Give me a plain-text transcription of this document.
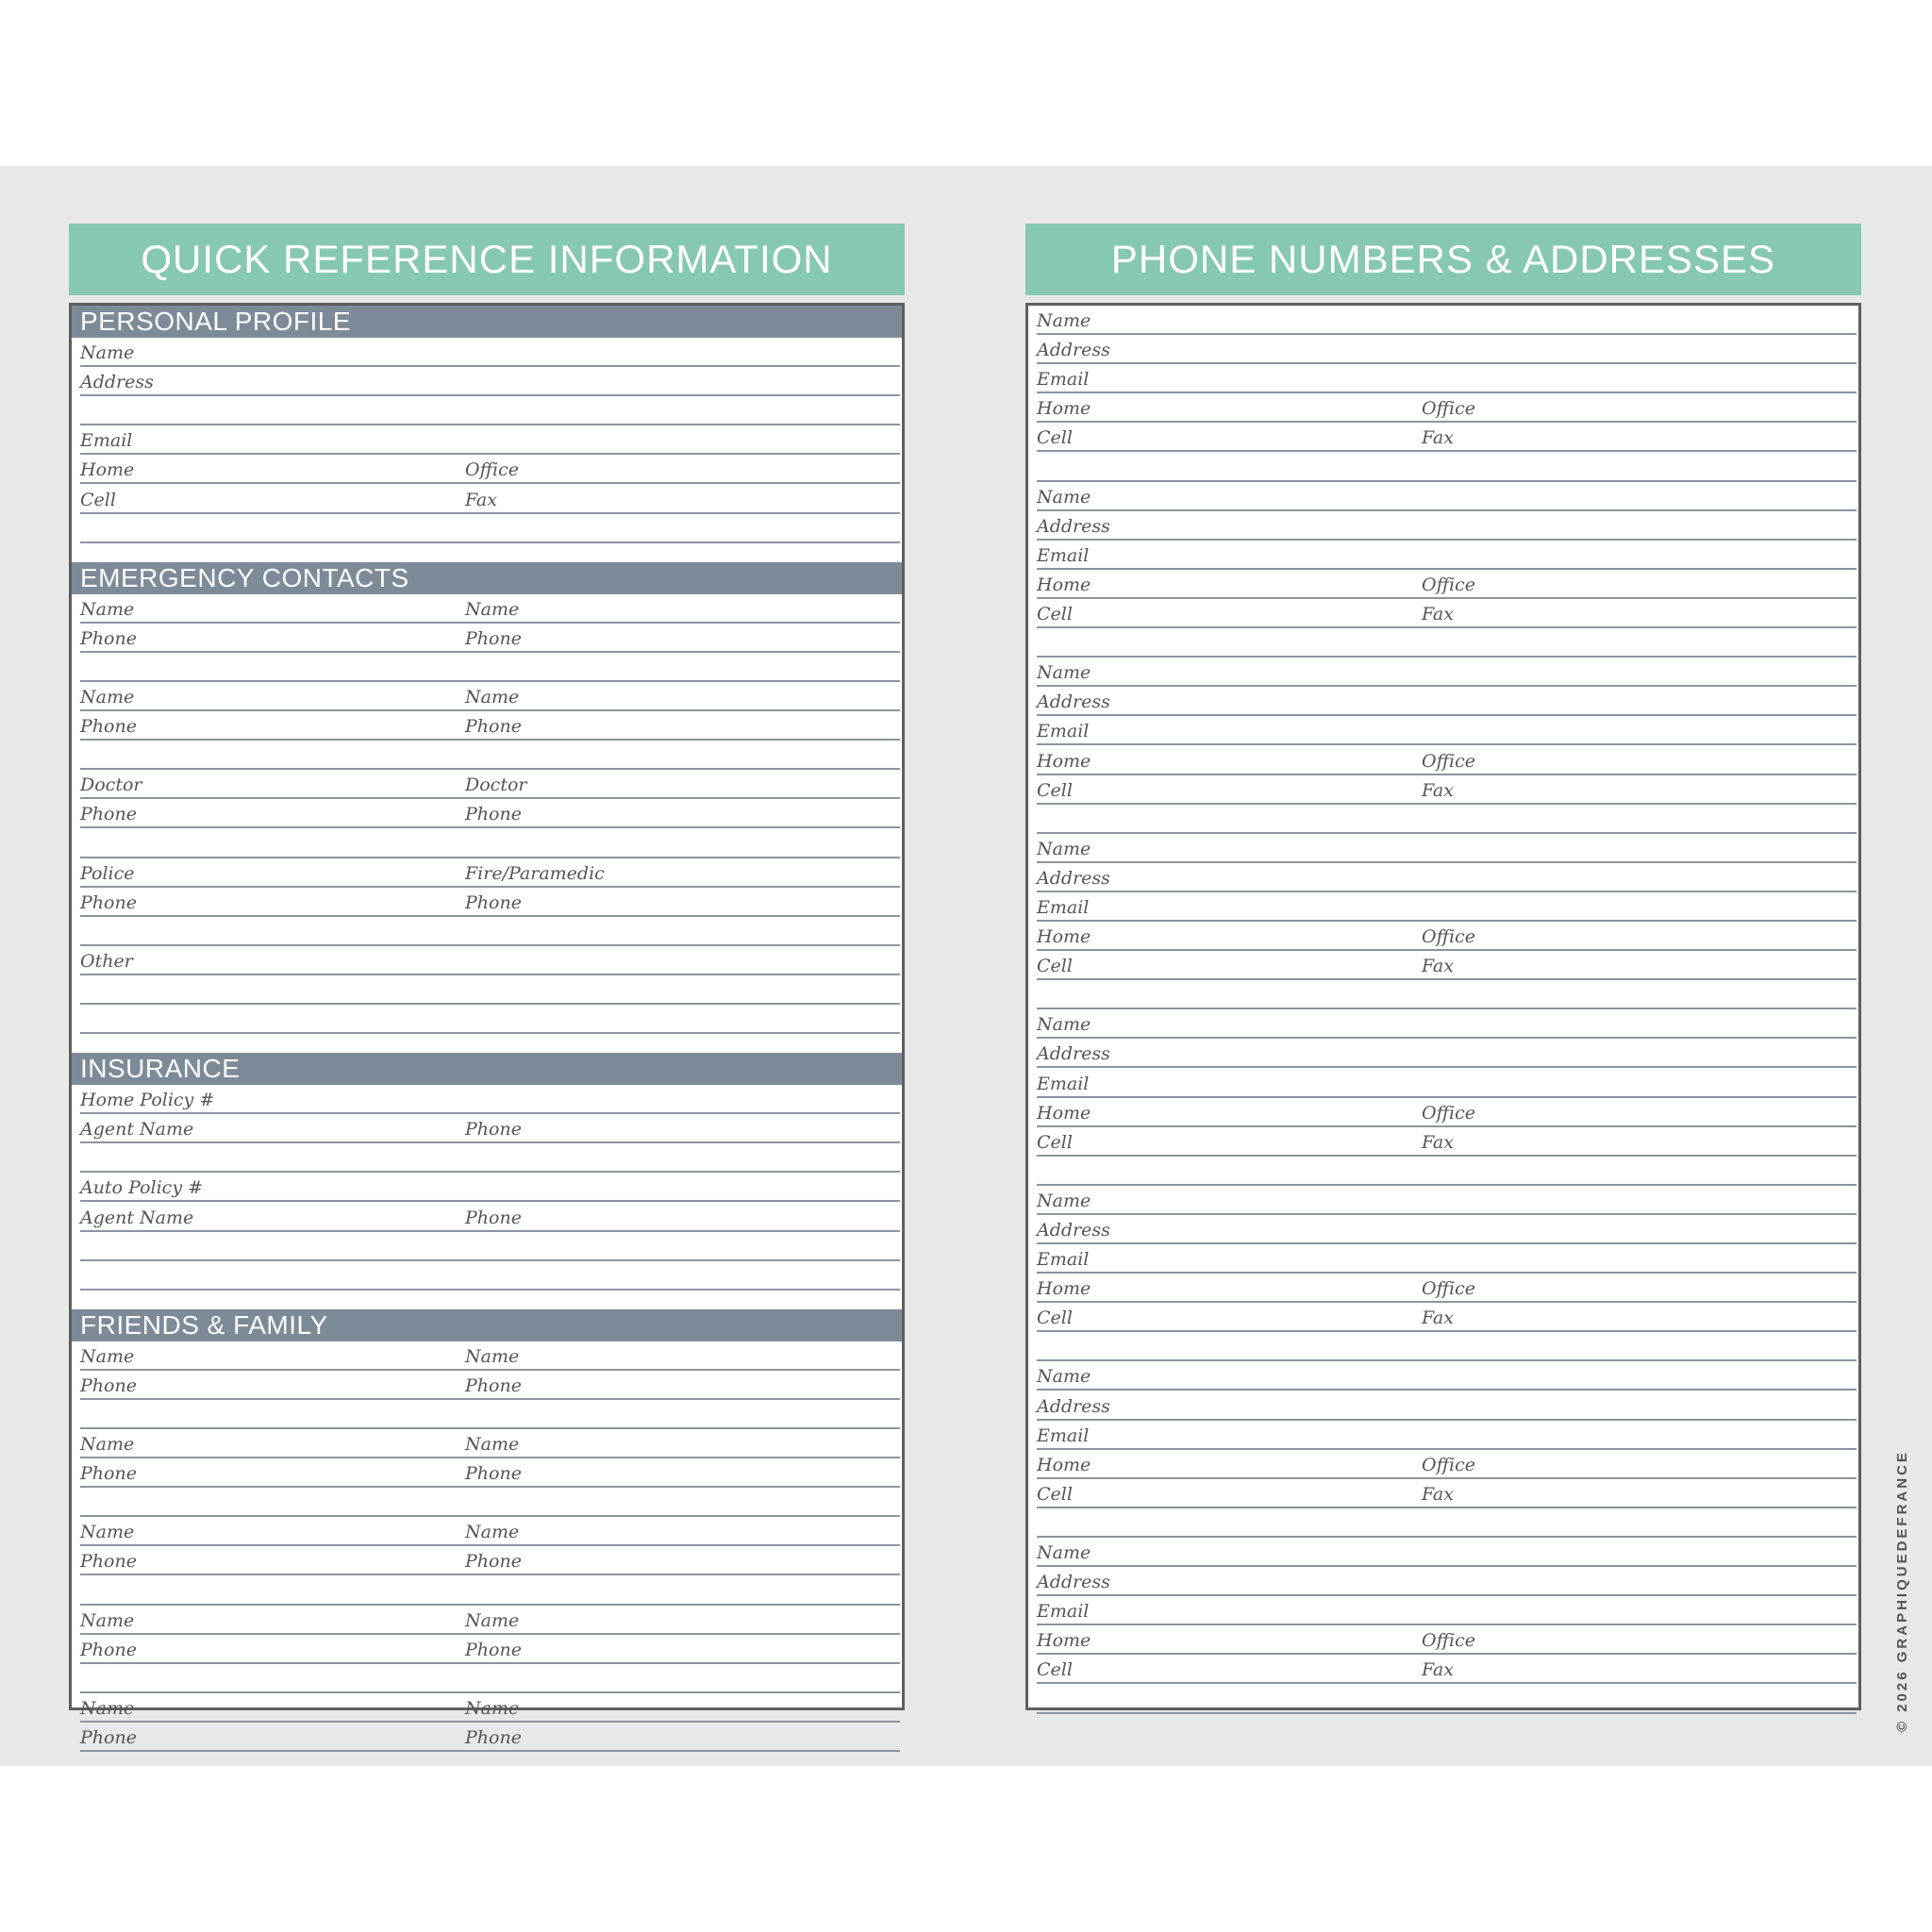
QUICK REFERENCE INFORMATION
PERSONAL PROFILE
Name
Address
Email
Home	Office
Cell	Fax
EMERGENCY CONTACTS
Name	Name
Phone	Phone
Name	Name
Phone	Phone
Doctor	Doctor
Phone	Phone
Police	Fire/Paramedic
Phone	Phone
Other
INSURANCE
Home Policy #
Agent Name	Phone
Auto Policy #
Agent Name	Phone
FRIENDS & FAMILY
Name	Name
Phone	Phone
Name	Name
Phone	Phone
Name	Name
Phone	Phone
Name	Name
Phone	Phone
Name	Name
Phone	Phone
PHONE NUMBERS & ADDRESSES
Name
Address
Email
Home	Office
Cell	Fax
Name
Address
Email
Home	Office
Cell	Fax
Name
Address
Email
Home	Office
Cell	Fax
Name
Address
Email
Home	Office
Cell	Fax
Name
Address
Email
Home	Office
Cell	Fax
Name
Address
Email
Home	Office
Cell	Fax
Name
Address
Email
Home	Office
Cell	Fax
Name
Address
Email
Home	Office
Cell	Fax	© 2026 GRAPHIQUEDEFRANCE
